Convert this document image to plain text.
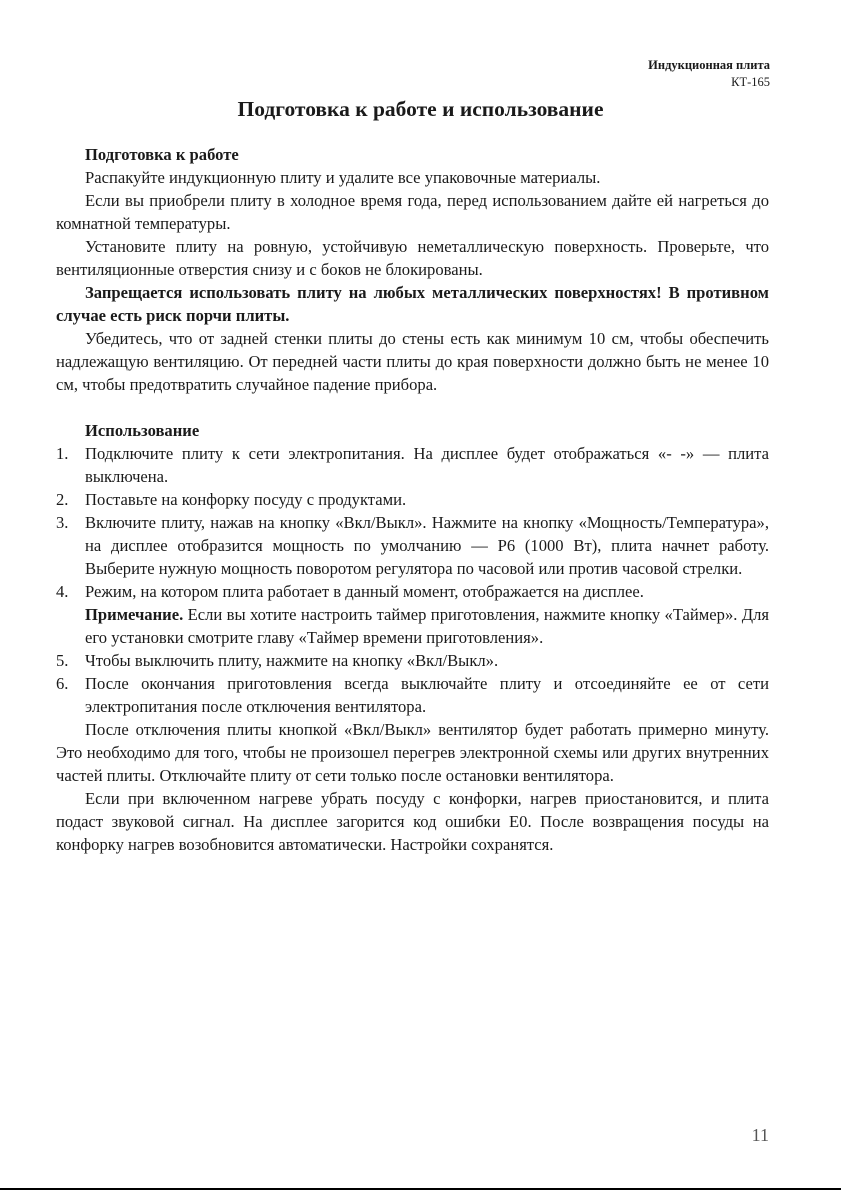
Индукционная плита
КТ-165
Подготовка к работе и использование

Подготовка к работе

Распакуйте индукционную плиту и удалите все упаковочные материалы.

Если вы приобрели плиту в холодное время года, перед использованием дайте ей нагреться до комнатной температуры.

Установите плиту на ровную, устойчивую неметаллическую поверхность. Проверьте, что вентиляционные отверстия снизу и с боков не блокированы.

Запрещается использовать плиту на любых металлических поверхностях! В противном случае есть риск порчи плиты.

Убедитесь, что от задней стенки плиты до стены есть как минимум 10 см, чтобы обеспечить надлежащую вентиляцию. От передней части плиты до края поверхности должно быть не менее 10 см, чтобы предотвратить случайное падение прибора.

Использование

1. Подключите плиту к сети электропитания. На дисплее будет отображаться «- -» — плита выключена.
2. Поставьте на конфорку посуду с продуктами.
3. Включите плиту, нажав на кнопку «Вкл/Выкл». Нажмите на кнопку «Мощность/Температура», на дисплее отобразится мощность по умолчанию — P6 (1000 Вт), плита начнет работу. Выберите нужную мощность поворотом регулятора по часовой или против часовой стрелки.
4. Режим, на котором плита работает в данный момент, отображается на дисплее.

Примечание. Если вы хотите настроить таймер приготовления, нажмите кнопку «Таймер». Для его установки смотрите главу «Таймер времени приготовления».

5. Чтобы выключить плиту, нажмите на кнопку «Вкл/Выкл».
6. После окончания приготовления всегда выключайте плиту и отсоединяйте ее от сети электропитания после отключения вентилятора.

После отключения плиты кнопкой «Вкл/Выкл» вентилятор будет работать примерно минуту. Это необходимо для того, чтобы не произошел перегрев электронной схемы или других внутренних частей плиты. Отключайте плиту от сети только после остановки вентилятора.

Если при включенном нагреве убрать посуду с конфорки, нагрев приостановится, и плита подаст звуковой сигнал. На дисплее загорится код ошибки E0. После возвращения посуды на конфорку нагрев возобновится автоматически. Настройки сохранятся.

11
